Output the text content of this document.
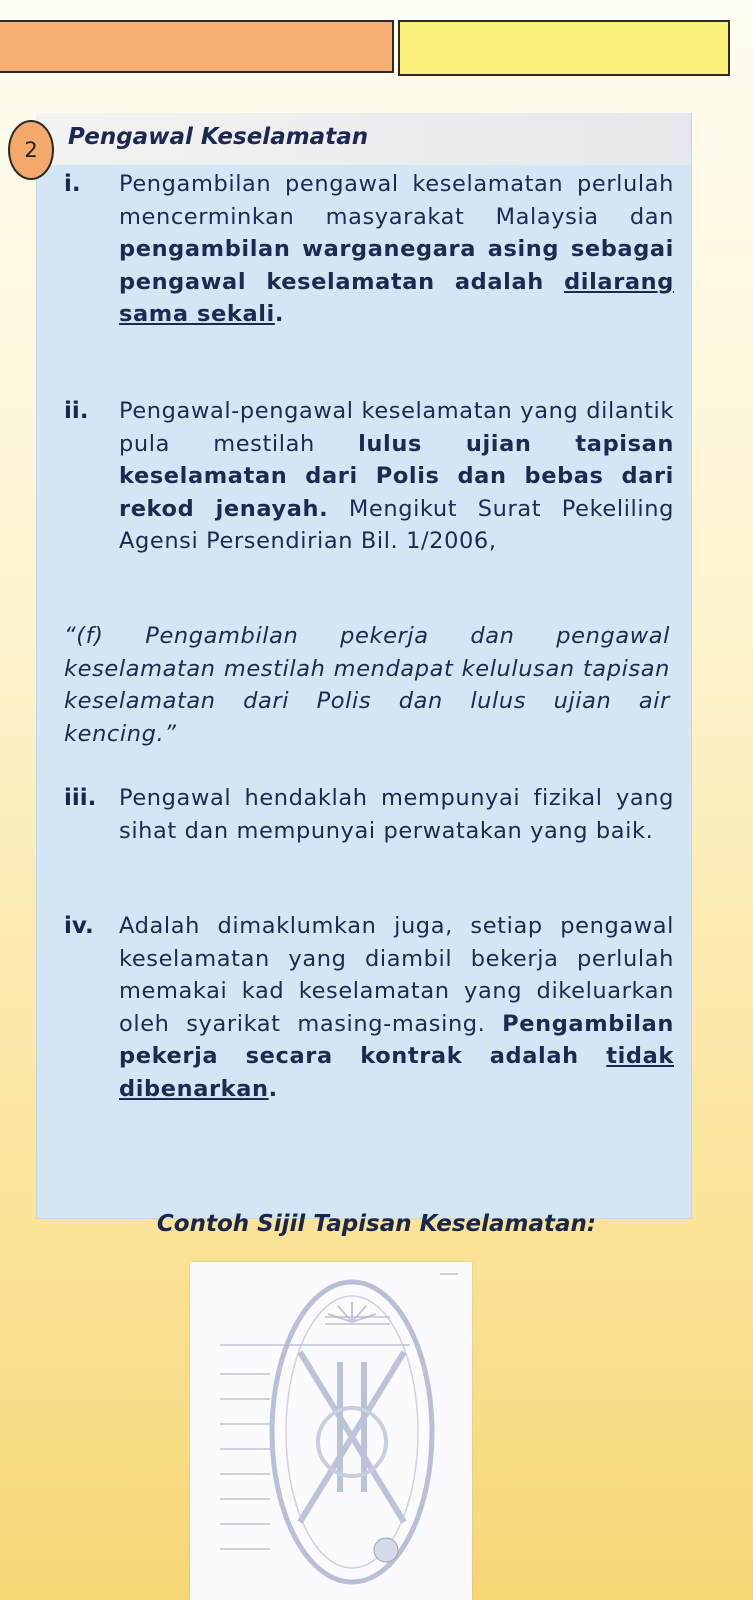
2	Pengawal Keselamatan
i.	Pengambilan pengawal keselamatan perlulah mencerminkan masyarakat Malaysia dan pengambilan warganegara asing sebagai pengawal keselamatan adalah dilarang sama sekali.
ii.	Pengawal-pengawal keselamatan yang dilantik pula mestilah lulus ujian tapisan keselamatan dari Polis dan bebas dari rekod jenayah. Mengikut Surat Pekeliling Agensi Persendirian Bil. 1/2006,
“(f) Pengambilan pekerja dan pengawal keselamatan mestilah mendapat kelulusan tapisan keselamatan dari Polis dan lulus ujian air kencing.”
iii.	Pengawal hendaklah mempunyai fizikal yang sihat dan mempunyai perwatakan yang baik.
iv.	Adalah dimaklumkan juga, setiap pengawal keselamatan yang diambil bekerja perlulah memakai kad keselamatan yang dikeluarkan oleh syarikat masing-masing. Pengambilan pekerja secara kontrak adalah tidak dibenarkan.
Contoh Sijil Tapisan Keselamatan:
